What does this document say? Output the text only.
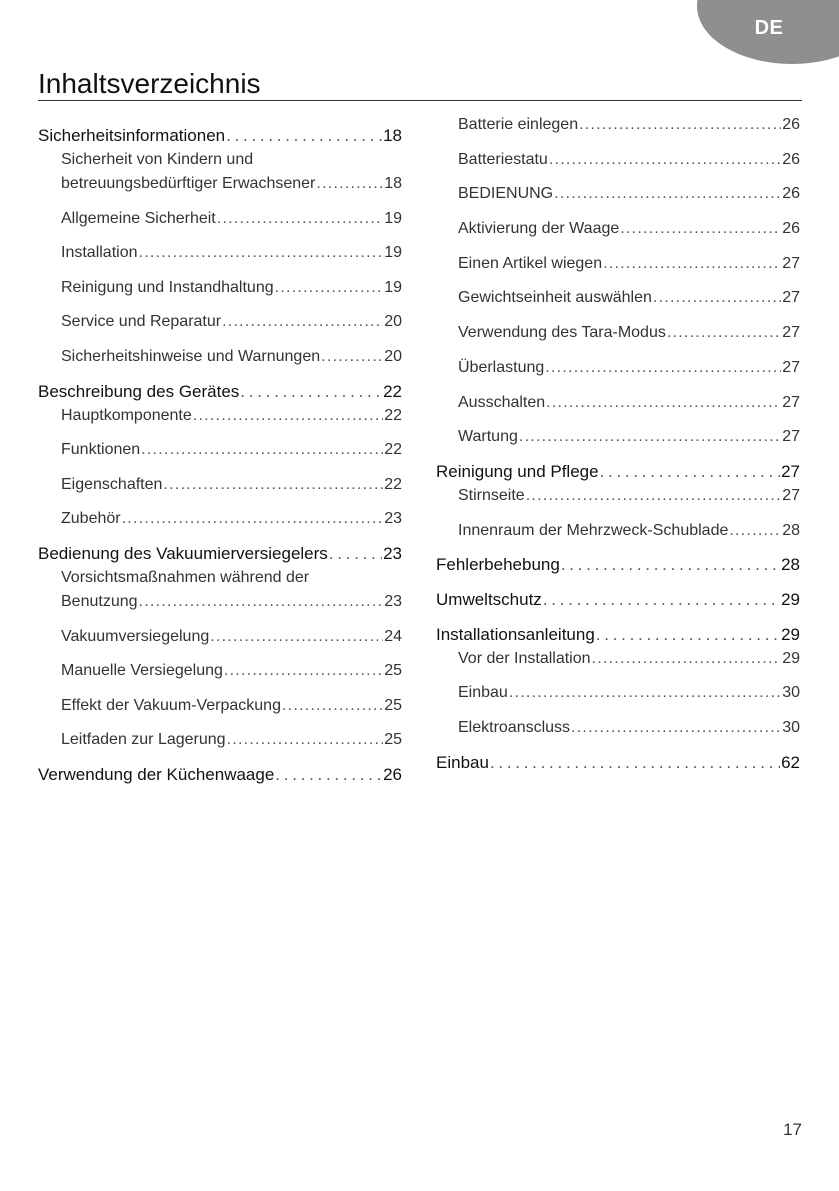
DE
Inhaltsverzeichnis
Sicherheitsinformationen . . .	18
Sicherheit von Kindern und
betreuungsbedürftiger Erwachsener . . .	18
Allgemeine Sicherheit . . .	19
Installation . . .	19
Reinigung und Instandhaltung . . .	19
Service und Reparatur . . .	20
Sicherheitshinweise und Warnungen . . .	20
Beschreibung des Gerätes . . .	22
Hauptkomponente . . .	22
Funktionen . . .	22
Eigenschaften . . .	22
Zubehör . . .	23
Bedienung des Vakuumierversiegelers . . .	23
Vorsichtsmaßnahmen während der
Benutzung . . .	23
Vakuumversiegelung . . .	24
Manuelle Versiegelung . . .	25
Effekt der Vakuum-Verpackung . . .	25
Leitfaden zur Lagerung . . .	25
Verwendung der Küchenwaage . . .	26
Batterie einlegen . . .	26
Batteriestatu . . .	26
BEDIENUNG . . .	26
Aktivierung der Waage . . .	26
Einen Artikel wiegen . . .	27
Gewichtseinheit auswählen . . .	27
Verwendung des Tara-Modus . . .	27
Überlastung . . .	27
Ausschalten . . .	27
Wartung . . .	27
Reinigung und Pflege . . .	27
Stirnseite . . .	27
Innenraum der Mehrzweck-Schublade . . .	28
Fehlerbehebung . . .	28
Umweltschutz . . .	29
Installationsanleitung . . .	29
Vor der Installation . . .	29
Einbau . . .	30
Elektroanscluss . . .	30
Einbau . . .	62
17
